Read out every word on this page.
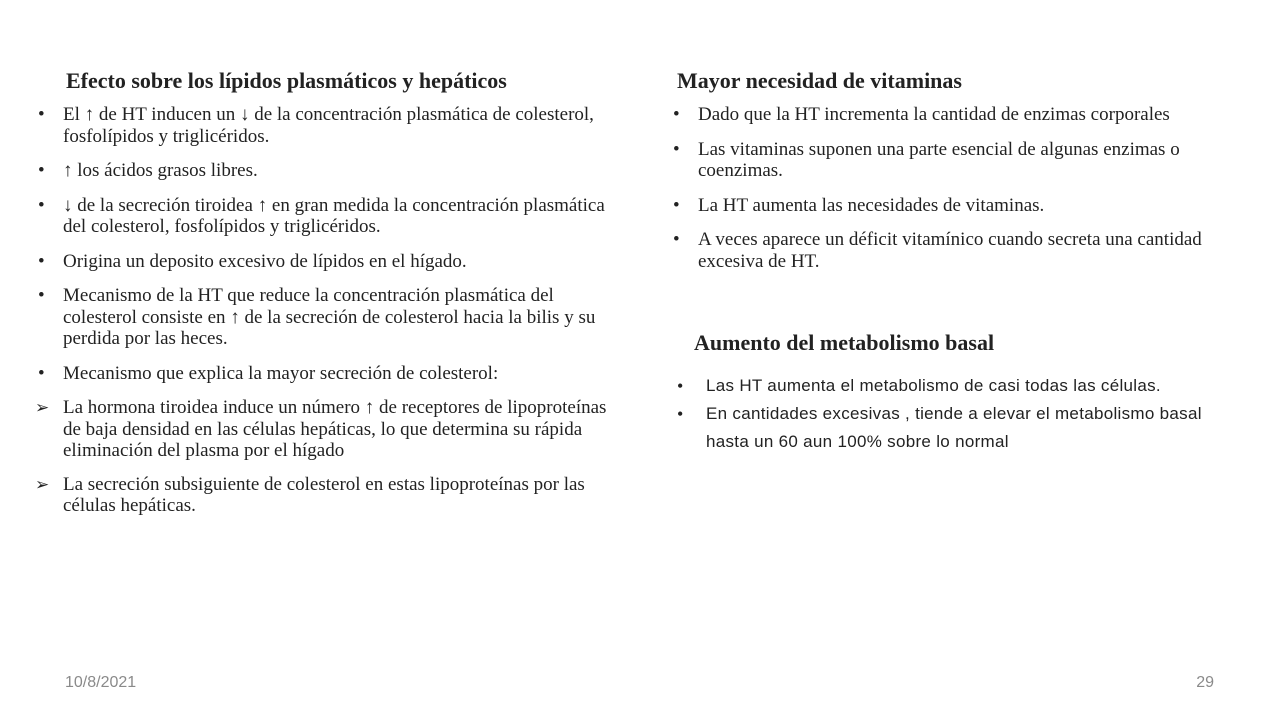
Efecto sobre los lípidos plasmáticos y hepáticos	Mayor necesidad de vitaminas
Aumento del metabolismo basal
• El ↑ de HT inducen un ↓ de la concentración plasmática de colesterol, fosfolípidos y triglicéridos.
• ↑ los ácidos grasos libres.
• ↓ de la secreción tiroidea ↑ en gran medida la concentración plasmática del colesterol, fosfolípidos y triglicéridos.
• Origina un deposito excesivo de lípidos en el hígado.
• Mecanismo de la HT que reduce la concentración plasmática del colesterol consiste en ↑ de la secreción de colesterol hacia la bilis y su perdida por las heces.
• Mecanismo que explica la mayor secreción de colesterol:
➢ La hormona tiroidea induce un número ↑ de receptores de lipoproteínas de baja densidad en las células hepáticas, lo que determina su rápida eliminación del plasma por el hígado
➢ La secreción subsiguiente de colesterol en estas lipoproteínas por las células hepáticas.
• Dado que la HT incrementa la cantidad de enzimas corporales
• Las vitaminas suponen una parte esencial de algunas enzimas o coenzimas.
• La HT aumenta las necesidades de vitaminas.
• A veces aparece un déficit vitamínico cuando secreta una cantidad excesiva de HT.
• Las HT aumenta el metabolismo de casi todas las células.
• En cantidades excesivas , tiende a elevar el metabolismo basal hasta un 60 aun 100% sobre lo normal
10/8/2021	29
